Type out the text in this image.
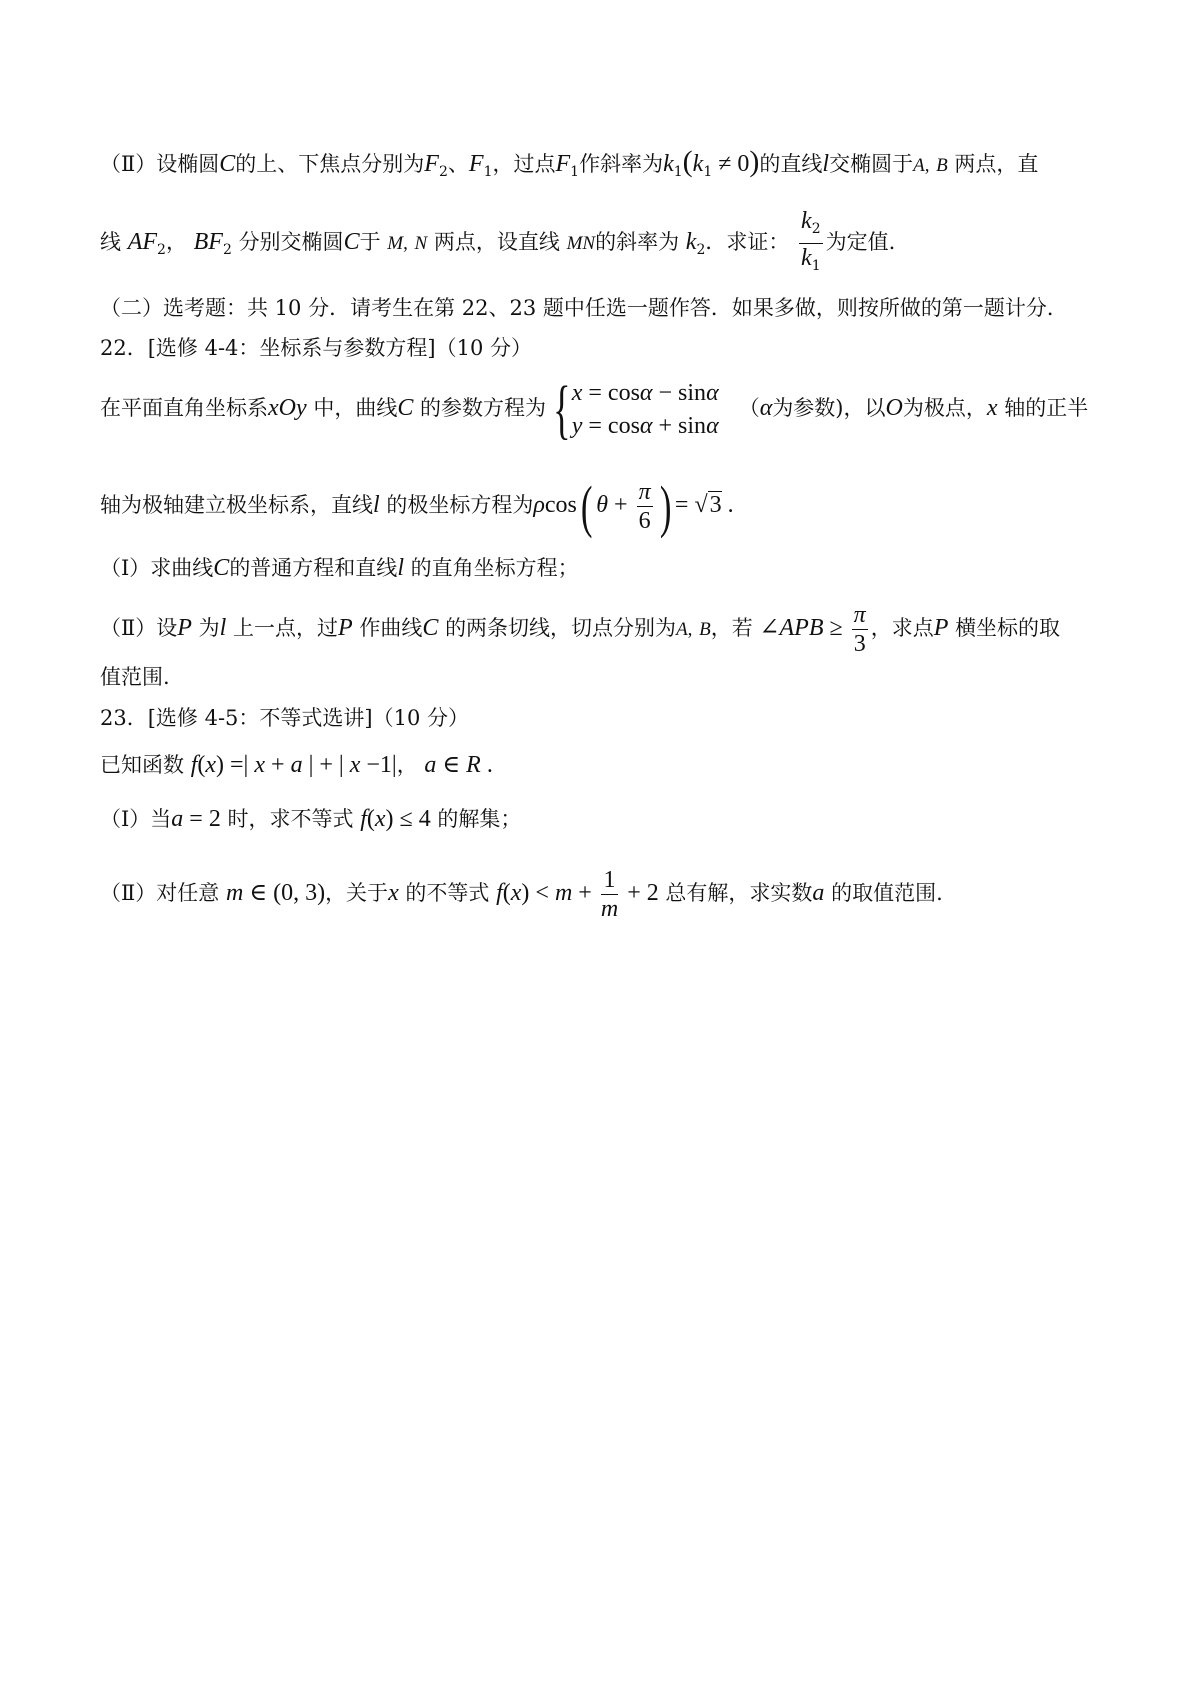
（Ⅱ）设椭圆C的上、下焦点分别为$F_2$、$F_1$，过点$F_1$作斜率为$k_1(k_1 \ne 0)$的直线l交椭圆于A, B 两点，直
线 $AF_2$， $BF_2$ 分别交椭圆C于 M, N 两点，设直线 MN的斜率为 $k_2$．求证： $\frac{k_2}{k_1}$ 为定值.
（二）选考题：共 10 分．请考生在第 22、23 题中任选一题作答．如果多做，则按所做的第一题计分．
22．[选修 4-4：坐标系与参数方程]（10 分）
在平面直角坐标系xOy 中，曲线C 的参数方程为 { x = cosα − sinα
y = cosα + sinα
（α为参数)，以O为极点，x 轴的正半
轴为极轴建立极坐标系，直线l 的极坐标方程为ρcos( $\theta + \frac{\pi}{6}$ ) = √3 .
（Ⅰ）求曲线C的普通方程和直线l 的直角坐标方程；
（Ⅱ）设P 为l 上一点，过P 作曲线C 的两条切线，切点分别为A, B，若 ∠APB ≥ $\frac{\pi}{3}$ ，求点P 横坐标的取
值范围.
23．[选修 4-5：不等式选讲]（10 分）
已知函数 f(x) =| x + a | + | x −1|， a ∈ R .
（Ⅰ）当a = 2 时，求不等式 f(x) ≤ 4 的解集；
（Ⅱ）对任意 m ∈ (0, 3)，关于x 的不等式 $f(x) < m + \frac{1}{m} + 2$ 总有解，求实数a 的取值范围.
